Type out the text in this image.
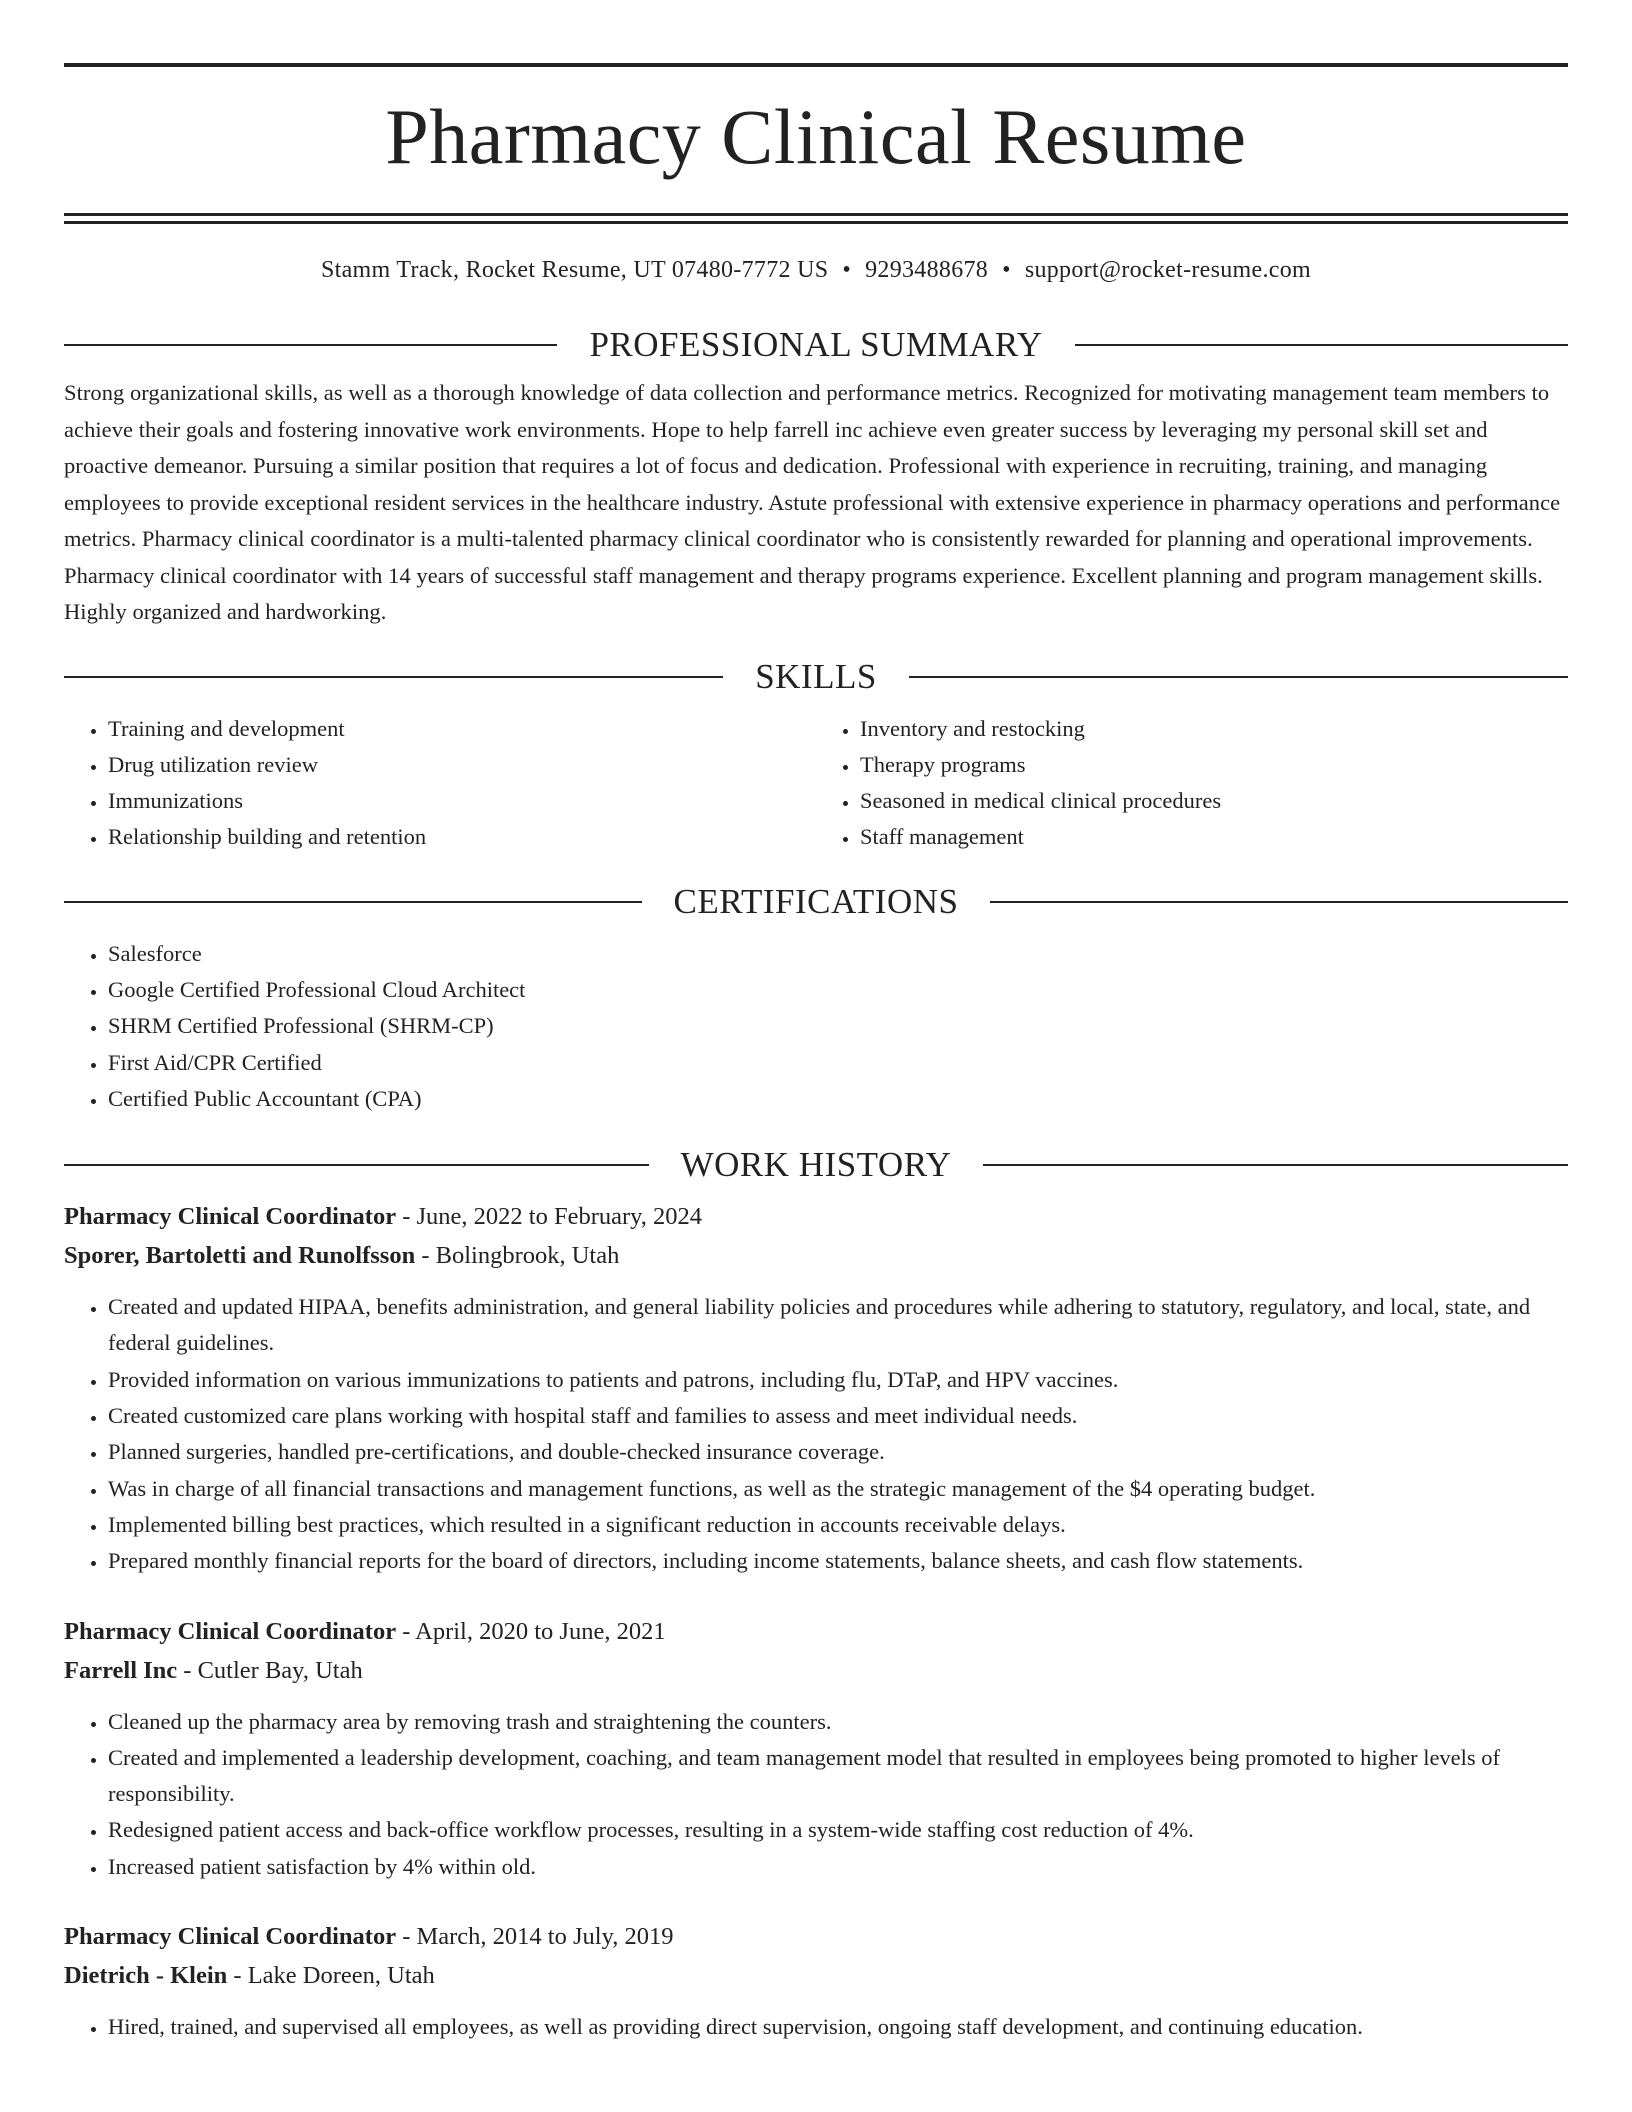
Pharmacy Clinical Resume
Stamm Track, Rocket Resume, UT 07480-7772 US • 9293488678 • support@rocket-resume.com
PROFESSIONAL SUMMARY
Strong organizational skills, as well as a thorough knowledge of data collection and performance metrics. Recognized for motivating management team members to achieve their goals and fostering innovative work environments. Hope to help farrell inc achieve even greater success by leveraging my personal skill set and proactive demeanor. Pursuing a similar position that requires a lot of focus and dedication. Professional with experience in recruiting, training, and managing employees to provide exceptional resident services in the healthcare industry. Astute professional with extensive experience in pharmacy operations and performance metrics. Pharmacy clinical coordinator is a multi-talented pharmacy clinical coordinator who is consistently rewarded for planning and operational improvements. Pharmacy clinical coordinator with 14 years of successful staff management and therapy programs experience. Excellent planning and program management skills. Highly organized and hardworking.
SKILLS
• Training and development
• Drug utilization review
• Immunizations
• Relationship building and retention
• Inventory and restocking
• Therapy programs
• Seasoned in medical clinical procedures
• Staff management
CERTIFICATIONS
• Salesforce
• Google Certified Professional Cloud Architect
• SHRM Certified Professional (SHRM-CP)
• First Aid/CPR Certified
• Certified Public Accountant (CPA)
WORK HISTORY
Pharmacy Clinical Coordinator - June, 2022 to February, 2024
Sporer, Bartoletti and Runolfsson - Bolingbrook, Utah
• Created and updated HIPAA, benefits administration, and general liability policies and procedures while adhering to statutory, regulatory, and local, state, and federal guidelines.
• Provided information on various immunizations to patients and patrons, including flu, DTaP, and HPV vaccines.
• Created customized care plans working with hospital staff and families to assess and meet individual needs.
• Planned surgeries, handled pre-certifications, and double-checked insurance coverage.
• Was in charge of all financial transactions and management functions, as well as the strategic management of the $4 operating budget.
• Implemented billing best practices, which resulted in a significant reduction in accounts receivable delays.
• Prepared monthly financial reports for the board of directors, including income statements, balance sheets, and cash flow statements.
Pharmacy Clinical Coordinator - April, 2020 to June, 2021
Farrell Inc - Cutler Bay, Utah
• Cleaned up the pharmacy area by removing trash and straightening the counters.
• Created and implemented a leadership development, coaching, and team management model that resulted in employees being promoted to higher levels of responsibility.
• Redesigned patient access and back-office workflow processes, resulting in a system-wide staffing cost reduction of 4%.
• Increased patient satisfaction by 4% within old.
Pharmacy Clinical Coordinator - March, 2014 to July, 2019
Dietrich - Klein - Lake Doreen, Utah
• Hired, trained, and supervised all employees, as well as providing direct supervision, ongoing staff development, and continuing education.
